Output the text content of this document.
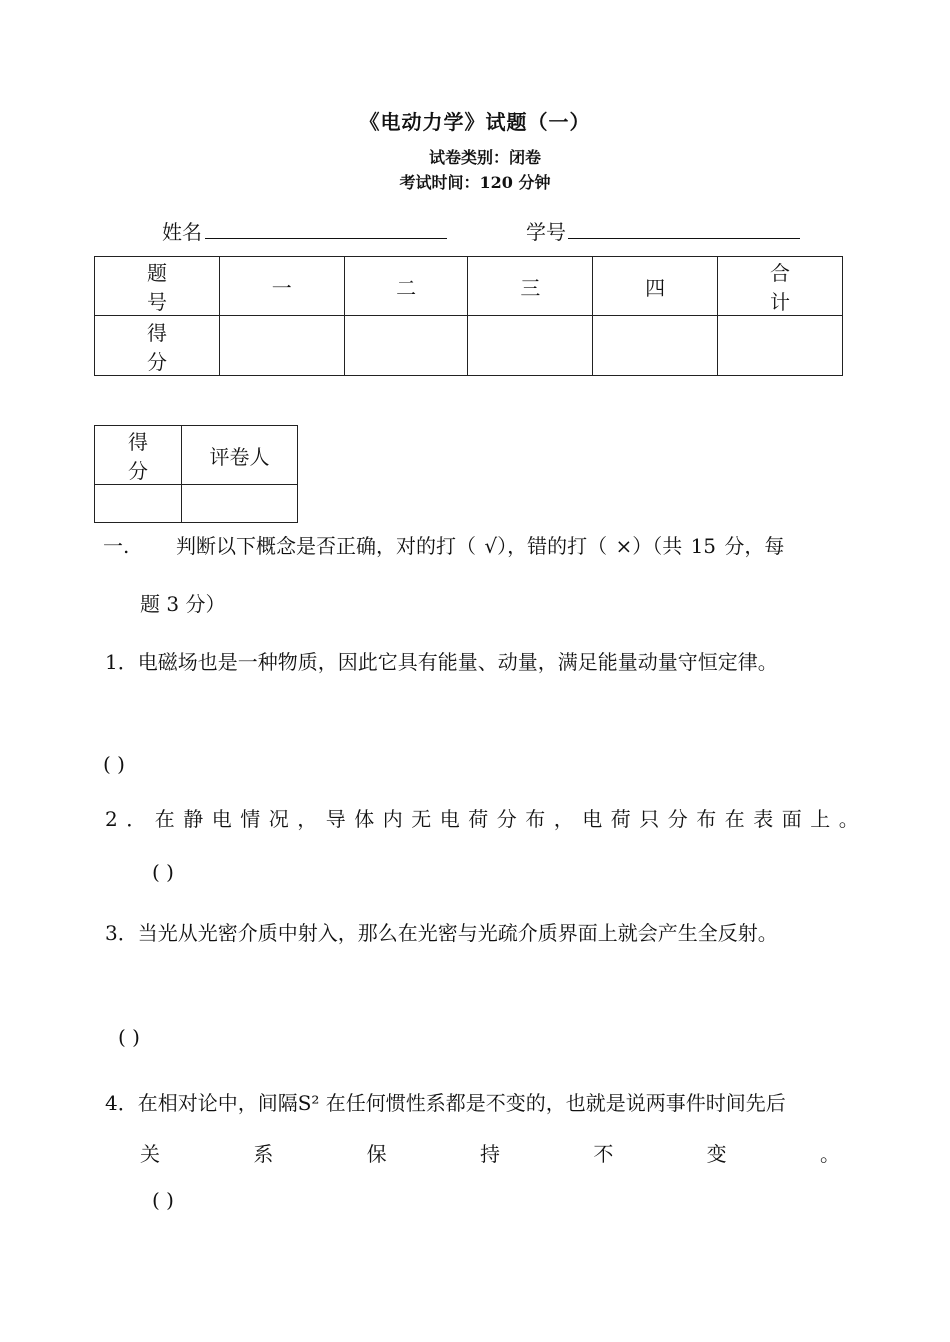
《电动力学》试题（一）
试卷类别：闭卷
考试时间：120 分钟
姓名	学号
题 号	一	二	三	四	合 计
得 分					
得 分	评卷人

一. 判断以下概念是否正确，对的打（ √），错的打（ ×）（共 15 分，每
题 3 分）
1．电磁场也是一种物质，因此它具有能量、动量，满足能量动量守恒定律。
( )
2．在静电情况，导体内无电荷分布，电荷只分布在表面上。
( )
3．当光从光密介质中射入，那么在光密与光疏介质界面上就会产生全反射。
( )
4．在相对论中，间隔S² 在任何惯性系都是不变的，也就是说两事件时间先后
关	系	保	持	不	变	。
( )
